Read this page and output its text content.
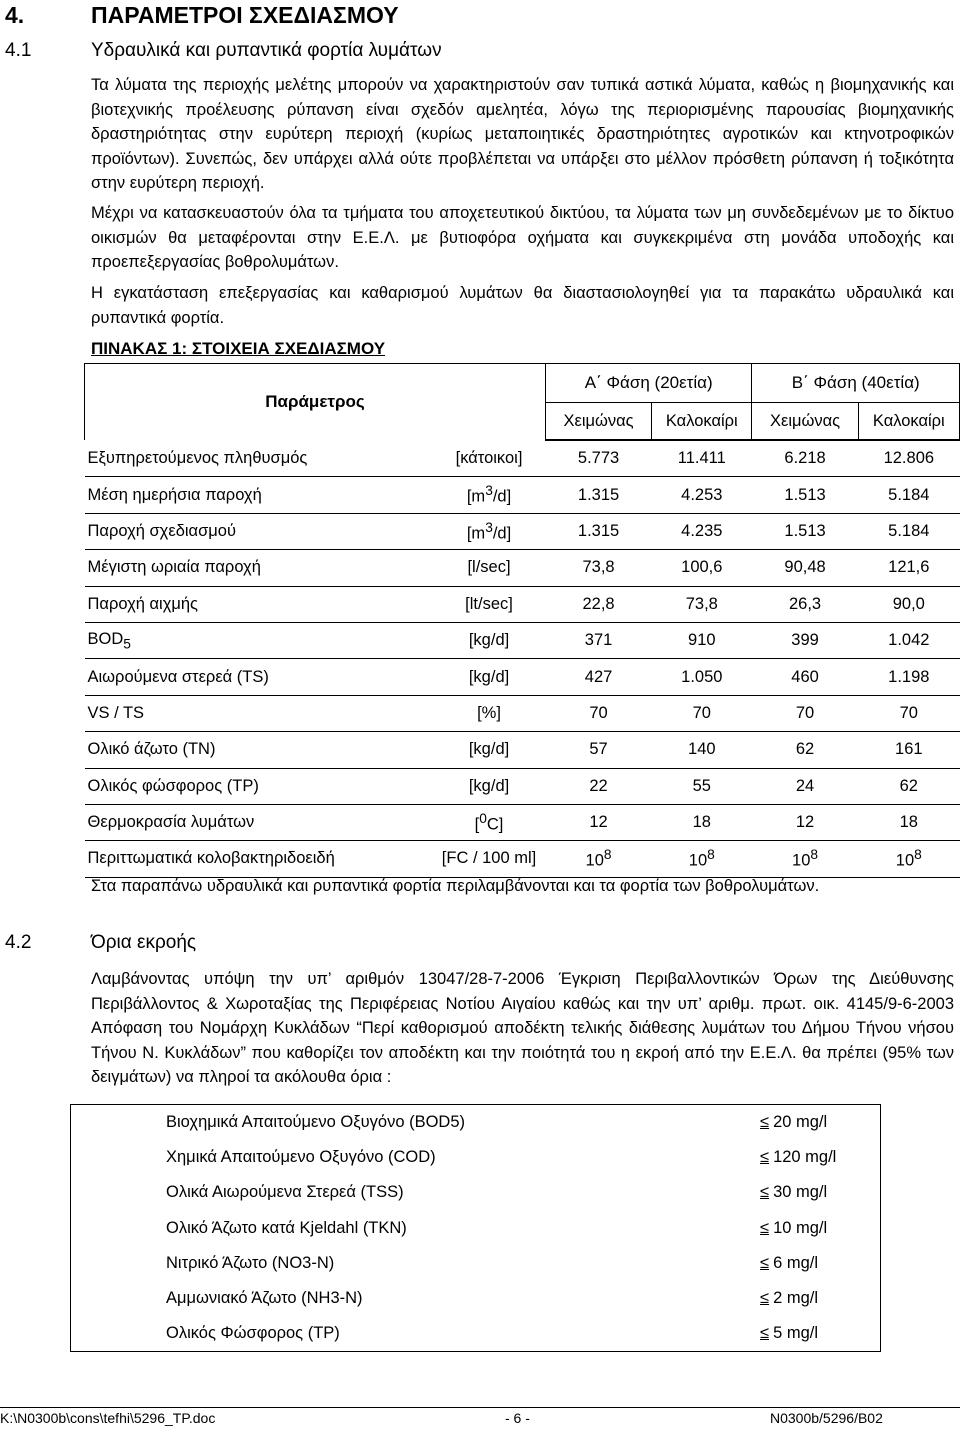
4.	ΠΑΡΑΜΕΤΡΟΙ ΣΧΕΔΙΑΣΜΟΥ
4.1	Υδραυλικά και ρυπαντικά φορτία λυμάτων
Τα λύματα της περιοχής μελέτης μπορούν να χαρακτηριστούν σαν τυπικά αστικά λύματα, καθώς η βιομηχανικής και βιοτεχνικής προέλευσης ρύπανση είναι σχεδόν αμελητέα, λόγω της περιορισμένης παρουσίας βιομηχανικής δραστηριότητας στην ευρύτερη περιοχή (κυρίως μεταποιητικές δραστηριότητες αγροτικών και κτηνοτροφικών προϊόντων). Συνεπώς, δεν υπάρχει αλλά ούτε προβλέπεται να υπάρξει στο μέλλον πρόσθετη ρύπανση ή τοξικότητα στην ευρύτερη περιοχή.
Μέχρι να κατασκευαστούν όλα τα τμήματα του αποχετευτικού δικτύου, τα λύματα των μη συνδεδεμένων με το δίκτυο οικισμών θα μεταφέρονται στην Ε.Ε.Λ. με βυτιοφόρα οχήματα και συγκεκριμένα στη μονάδα υποδοχής και προεπεξεργασίας βοθρολυμάτων.
Η εγκατάσταση επεξεργασίας και καθαρισμού λυμάτων θα διαστασιολογηθεί για τα παρακάτω υδραυλικά και ρυπαντικά φορτία.
ΠΙΝΑΚΑΣ 1: ΣΤΟΙΧΕΙΑ ΣΧΕΔΙΑΣΜΟΥ
Παράμετρος		Α΄ Φάση (20ετία)		Β΄ Φάση (40ετία)	
		Χειμώνας	Καλοκαίρι	Χειμώνας	Καλοκαίρι
Εξυπηρετούμενος πληθυσμός	[κάτοικοι]	5.773	11.411	6.218	12.806
Μέση ημερήσια παροχή	$[m^3/d]$	1.315	4.253	1.513	5.184
Παροχή σχεδιασμού	$[m^3/d]$	1.315	4.235	1.513	5.184
Μέγιστη ωριαία παροχή	[l/sec]	73,8	100,6	90,48	121,6
Παροχή αιχμής	[lt/sec]	22,8	73,8	26,3	90,0
$BOD_5$	[kg/d]	371	910	399	1.042
Αιωρούμενα στερεά (TS)	[kg/d]	427	1.050	460	1.198
VS / TS	[%]	70	70	70	70
Ολικό άζωτο (TN)	[kg/d]	57	140	62	161
Ολικός φώσφορος (TP)	[kg/d]	22	55	24	62
Θερμοκρασία λυμάτων	[$^0$C]	12	18	12	18
Περιττωματικά κολοβακτηριδοειδή	[FC / 100 ml]	$10^8$	$10^8$	$10^8$	$10^8$
Στα παραπάνω υδραυλικά και ρυπαντικά φορτία περιλαμβάνονται και τα φορτία των βοθρολυμάτων.
4.2	Όρια εκροής
Λαμβάνοντας υπόψη την υπ’ αριθμόν 13047/28-7-2006 Έγκριση Περιβαλλοντικών Όρων της Διεύθυνσης Περιβάλλοντος & Χωροταξίας της Περιφέρειας Νοτίου Αιγαίου καθώς και την υπ’ αριθμ. πρωτ. οικ. 4145/9-6-2003 Απόφαση του Νομάρχη Κυκλάδων “Περί καθορισμού αποδέκτη τελικής διάθεσης λυμάτων του Δήμου Τήνου νήσου Τήνου Ν. Κυκλάδων” που καθορίζει τον αποδέκτη και την ποιότητά του η εκροή από την Ε.Ε.Λ. θα πρέπει (95% των δειγμάτων) να πληροί τα ακόλουθα όρια :
Βιοχημικά Απαιτούμενο Οξυγόνο (BOD5)	≤ 20 mg/l
Χημικά Απαιτούμενο Οξυγόνο (COD)	≤ 120 mg/l
Ολικά Αιωρούμενα Στερεά (TSS)	≤ 30 mg/l
Ολικό Άζωτο κατά Kjeldahl (TKN)	≤ 10 mg/l
Νιτρικό Άζωτο (NO3-N)	≤ 6 mg/l
Αμμωνιακό Άζωτο (NH3-N)	≤ 2 mg/l
Ολικός Φώσφορος (TP)	≤ 5 mg/l
K:\N0300b\cons\tefhi\5296_TP.doc	- 6 -	N0300b/5296/B02
